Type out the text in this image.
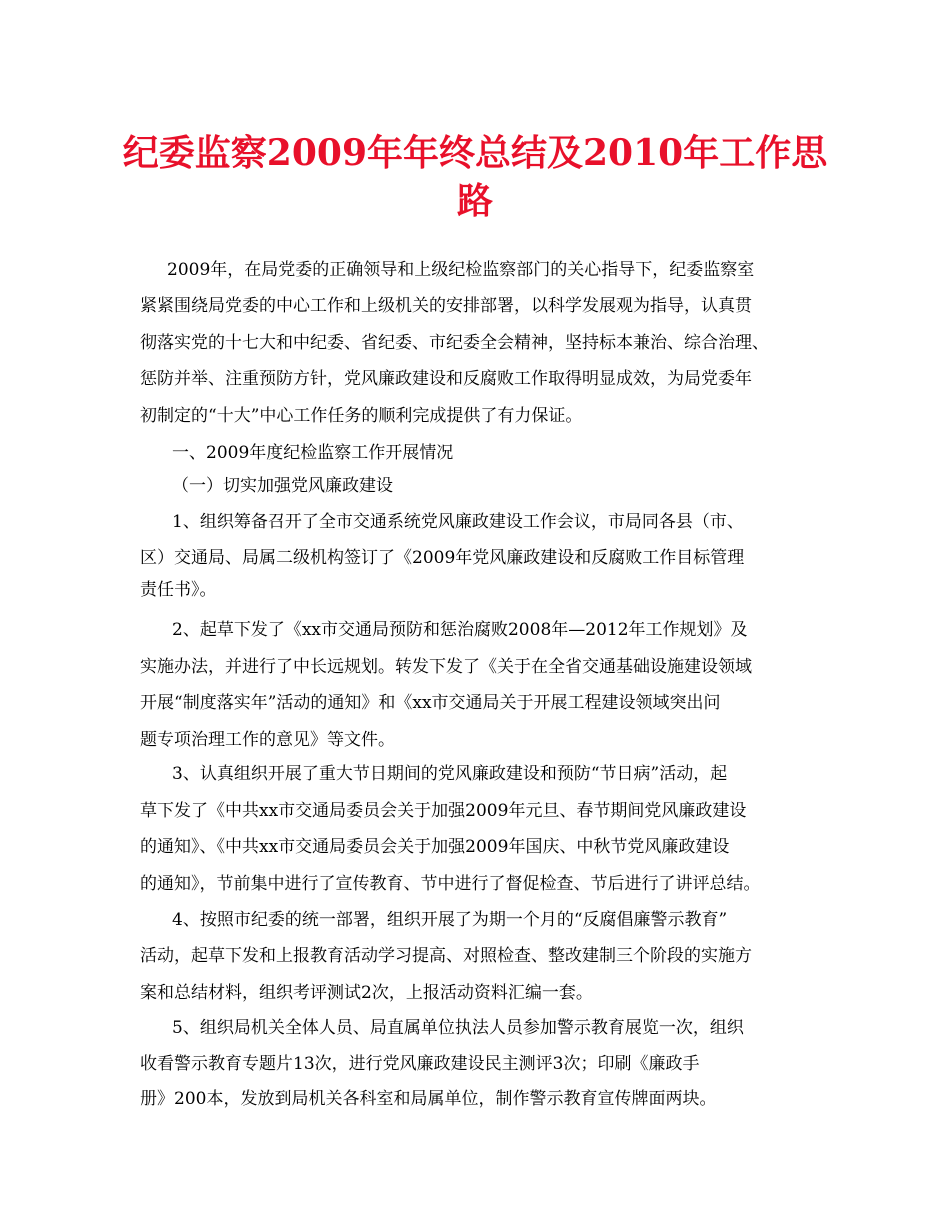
纪委监察2009年年终总结及2010年工作思
路

2009年，在局党委的正确领导和上级纪检监察部门的关心指导下，纪委监察室

紧紧围绕局党委的中心工作和上级机关的安排部署，以科学发展观为指导，认真贯

彻落实党的十七大和中纪委、省纪委、市纪委全会精神，坚持标本兼治、综合治理、

惩防并举、注重预防方针，党风廉政建设和反腐败工作取得明显成效，为局党委年

初制定的“十大”中心工作任务的顺利完成提供了有力保证。

一、2009年度纪检监察工作开展情况

（一）切实加强党风廉政建设

1、组织筹备召开了全市交通系统党风廉政建设工作会议，市局同各县（市、

区）交通局、局属二级机构签订了《2009年党风廉政建设和反腐败工作目标管理

责任书》。

2、起草下发了《xx市交通局预防和惩治腐败2008年—2012年工作规划》及

实施办法，并进行了中长远规划。转发下发了《关于在全省交通基础设施建设领域

开展“制度落实年”活动的通知》和《xx市交通局关于开展工程建设领域突出问

题专项治理工作的意见》等文件。

3、认真组织开展了重大节日期间的党风廉政建设和预防“节日病”活动，起

草下发了《中共xx市交通局委员会关于加强2009年元旦、春节期间党风廉政建设

的通知》、《中共xx市交通局委员会关于加强2009年国庆、中秋节党风廉政建设

的通知》，节前集中进行了宣传教育、节中进行了督促检查、节后进行了讲评总结。

4、按照市纪委的统一部署，组织开展了为期一个月的“反腐倡廉警示教育”

活动，起草下发和上报教育活动学习提高、对照检查、整改建制三个阶段的实施方

案和总结材料，组织考评测试2次，上报活动资料汇编一套。

5、组织局机关全体人员、局直属单位执法人员参加警示教育展览一次，组织

收看警示教育专题片13次，进行党风廉政建设民主测评3次；印刷《廉政手

册》200本，发放到局机关各科室和局属单位，制作警示教育宣传牌面两块。
